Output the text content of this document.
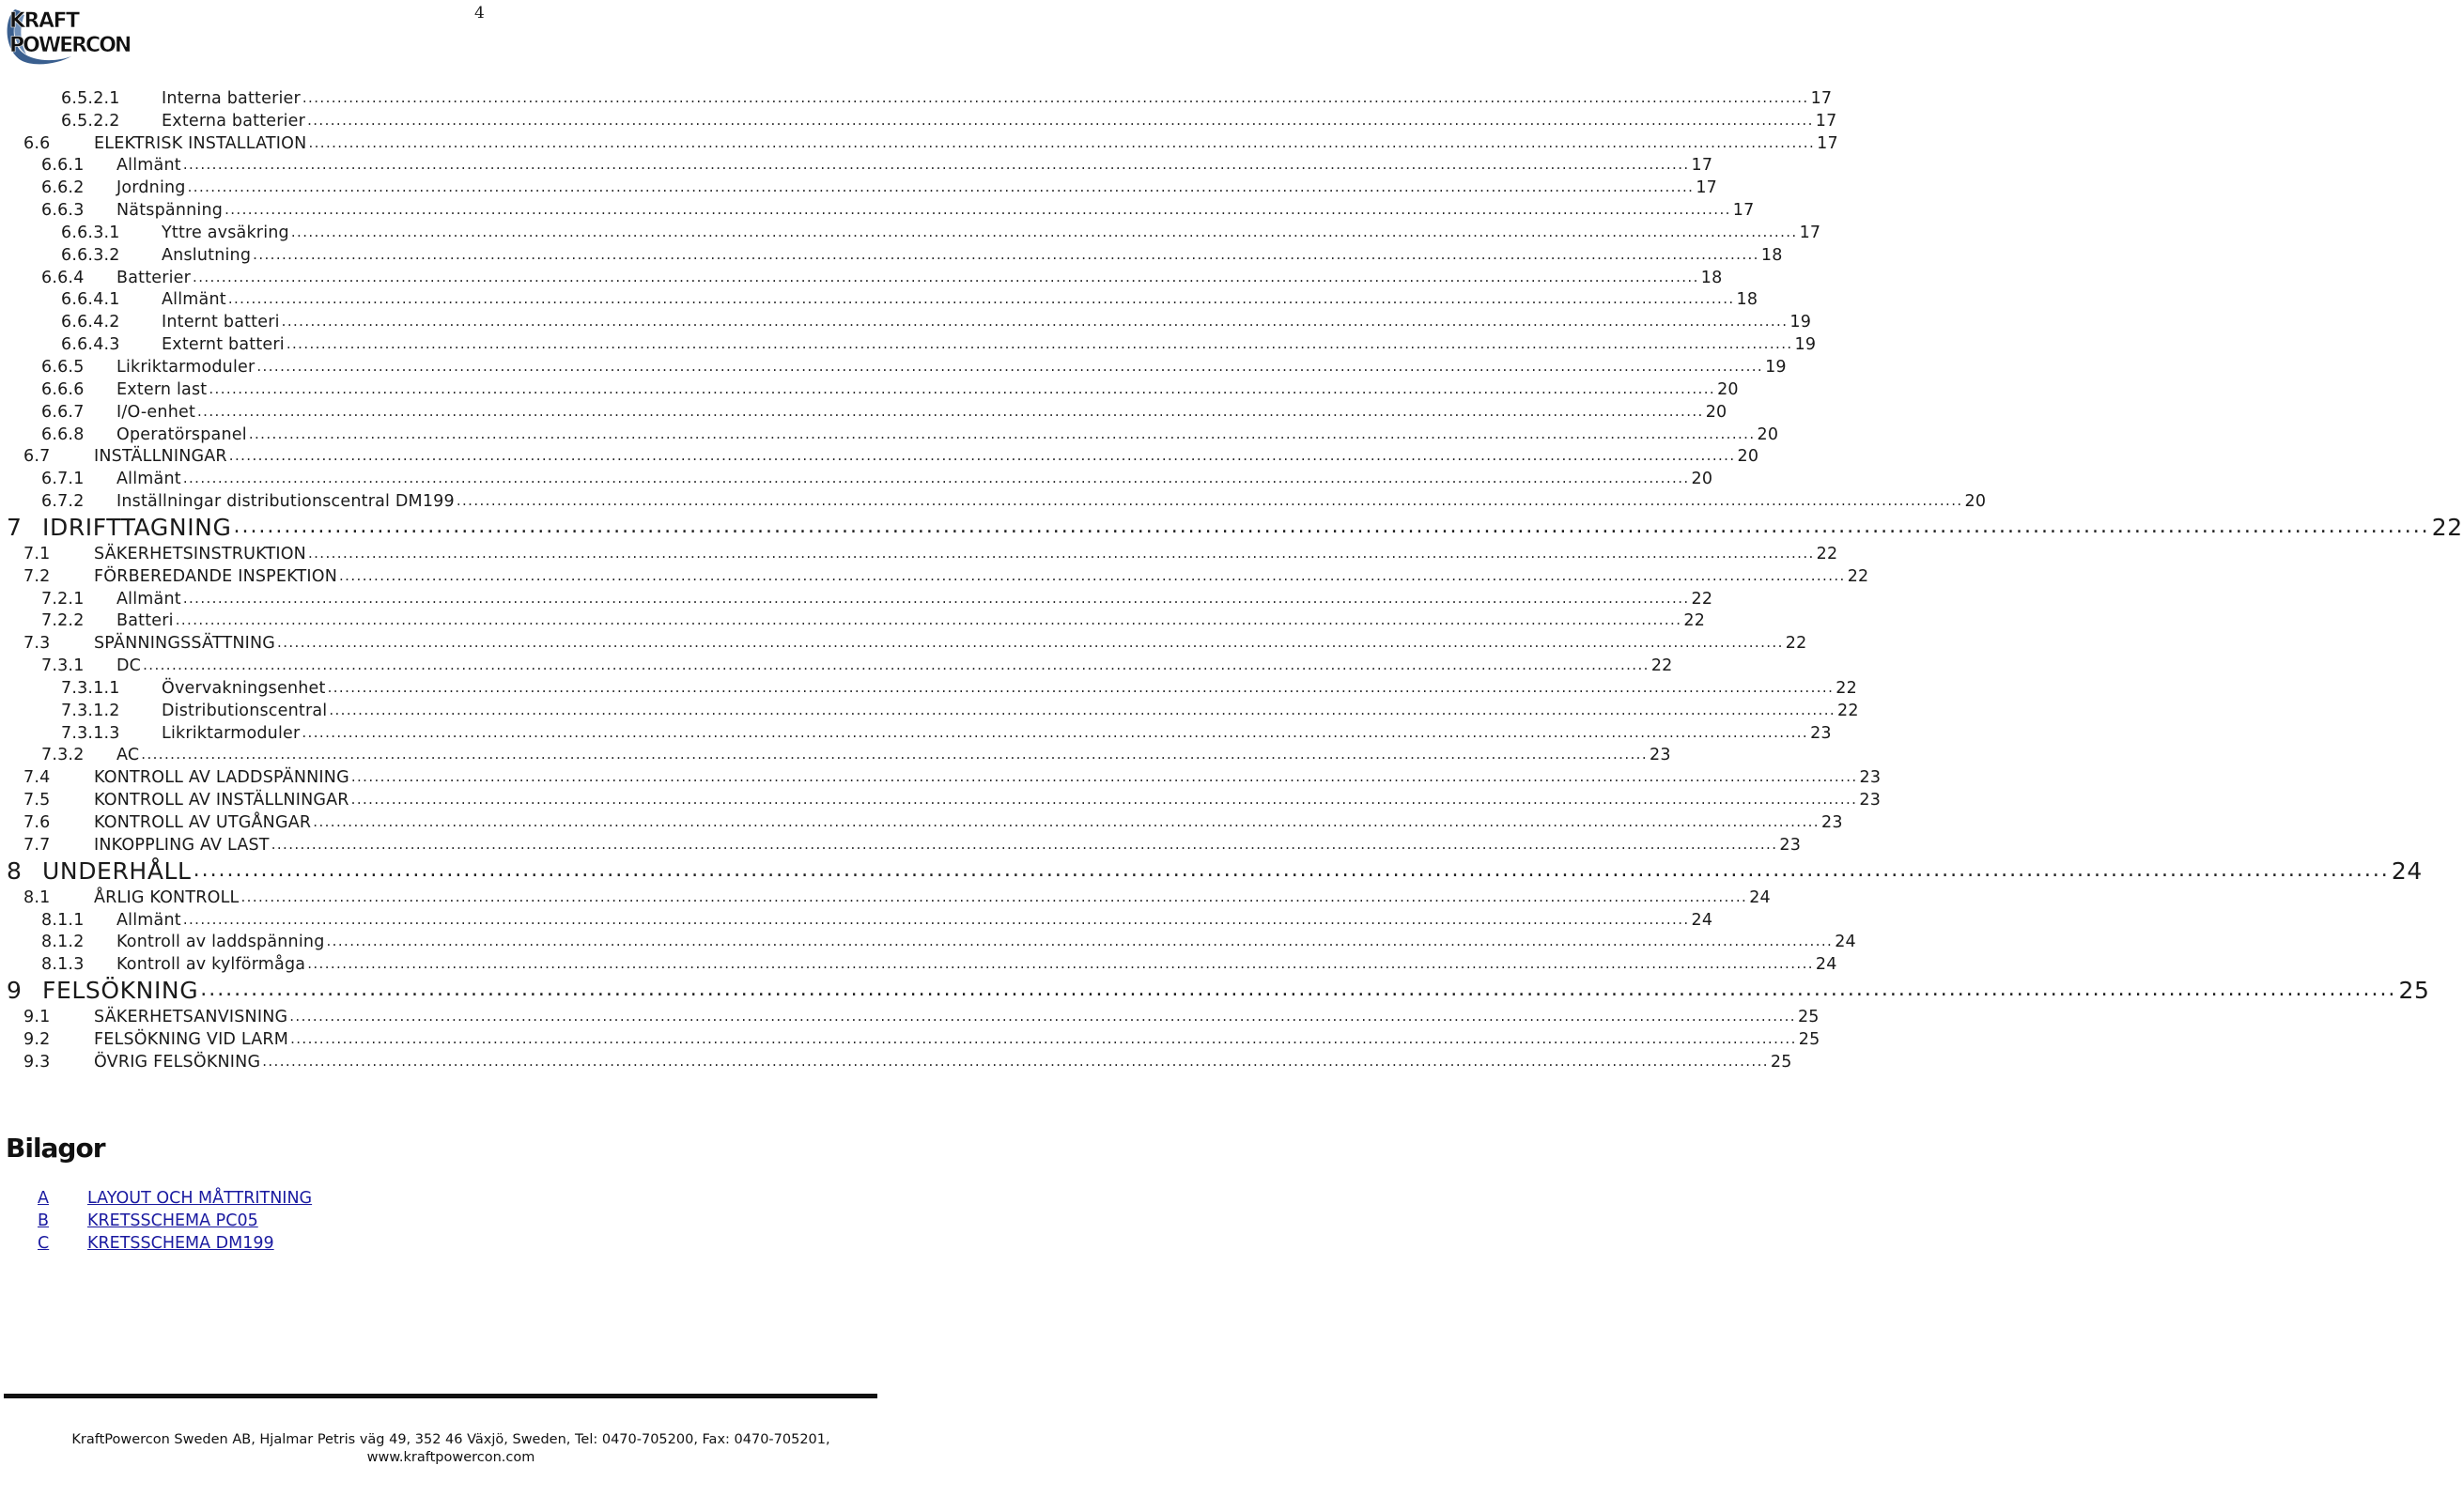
KRAFT
POWERCON
4
6.5.2.1	Interna batterier .................................................................................................................................................................................................................................................................... 17
6.5.2.2	Externa batterier .................................................................................................................................................................................................................................................................... 17
6.6	ELEKTRISK INSTALLATION .................................................................................................................................................................................................................................................................... 17
6.6.1	Allmänt .................................................................................................................................................................................................................................................................... 17
6.6.2	Jordning .................................................................................................................................................................................................................................................................... 17
6.6.3	Nätspänning .................................................................................................................................................................................................................................................................... 17
6.6.3.1	Yttre avsäkring .................................................................................................................................................................................................................................................................... 17
6.6.3.2	Anslutning .................................................................................................................................................................................................................................................................... 18
6.6.4	Batterier .................................................................................................................................................................................................................................................................... 18
6.6.4.1	Allmänt .................................................................................................................................................................................................................................................................... 18
6.6.4.2	Internt batteri .................................................................................................................................................................................................................................................................... 19
6.6.4.3	Externt batteri .................................................................................................................................................................................................................................................................... 19
6.6.5	Likriktarmoduler .................................................................................................................................................................................................................................................................... 19
6.6.6	Extern last .................................................................................................................................................................................................................................................................... 20
6.6.7	I/O-enhet .................................................................................................................................................................................................................................................................... 20
6.6.8	Operatörspanel .................................................................................................................................................................................................................................................................... 20
6.7	INSTÄLLNINGAR .................................................................................................................................................................................................................................................................... 20
6.7.1	Allmänt .................................................................................................................................................................................................................................................................... 20
6.7.2	Inställningar distributionscentral DM199 .................................................................................................................................................................................................................................................................... 20
7 IDRIFTTAGNING .................................................................................................................................................................................................................................................................... 22
7.1	SÄKERHETSINSTRUKTION .................................................................................................................................................................................................................................................................... 22
7.2	FÖRBEREDANDE INSPEKTION .................................................................................................................................................................................................................................................................... 22
7.2.1	Allmänt .................................................................................................................................................................................................................................................................... 22
7.2.2	Batteri .................................................................................................................................................................................................................................................................... 22
7.3	SPÄNNINGSSÄTTNING .................................................................................................................................................................................................................................................................... 22
7.3.1	DC .................................................................................................................................................................................................................................................................... 22
7.3.1.1	Övervakningsenhet .................................................................................................................................................................................................................................................................... 22
7.3.1.2	Distributionscentral .................................................................................................................................................................................................................................................................... 22
7.3.1.3	Likriktarmoduler .................................................................................................................................................................................................................................................................... 23
7.3.2	AC .................................................................................................................................................................................................................................................................... 23
7.4	KONTROLL AV LADDSPÄNNING .................................................................................................................................................................................................................................................................... 23
7.5	KONTROLL AV INSTÄLLNINGAR .................................................................................................................................................................................................................................................................... 23
7.6	KONTROLL AV UTGÅNGAR .................................................................................................................................................................................................................................................................... 23
7.7	INKOPPLING AV LAST .................................................................................................................................................................................................................................................................... 23
8 UNDERHÅLL .................................................................................................................................................................................................................................................................... 24
8.1	ÅRLIG KONTROLL .................................................................................................................................................................................................................................................................... 24
8.1.1	Allmänt .................................................................................................................................................................................................................................................................... 24
8.1.2	Kontroll av laddspänning .................................................................................................................................................................................................................................................................... 24
8.1.3	Kontroll av kylförmåga .................................................................................................................................................................................................................................................................... 24
9 FELSÖKNING .................................................................................................................................................................................................................................................................... 25
9.1	SÄKERHETSANVISNING .................................................................................................................................................................................................................................................................... 25
9.2	FELSÖKNING VID LARM .................................................................................................................................................................................................................................................................... 25
9.3	ÖVRIG FELSÖKNING .................................................................................................................................................................................................................................................................... 25
Bilagor
A	LAYOUT OCH MÅTTRITNING
B	KRETSSCHEMA PC05
C	KRETSSCHEMA DM199
KraftPowercon Sweden AB, Hjalmar Petris väg 49, 352 46 Växjö, Sweden, Tel: 0470-705200, Fax: 0470-705201,
www.kraftpowercon.com
